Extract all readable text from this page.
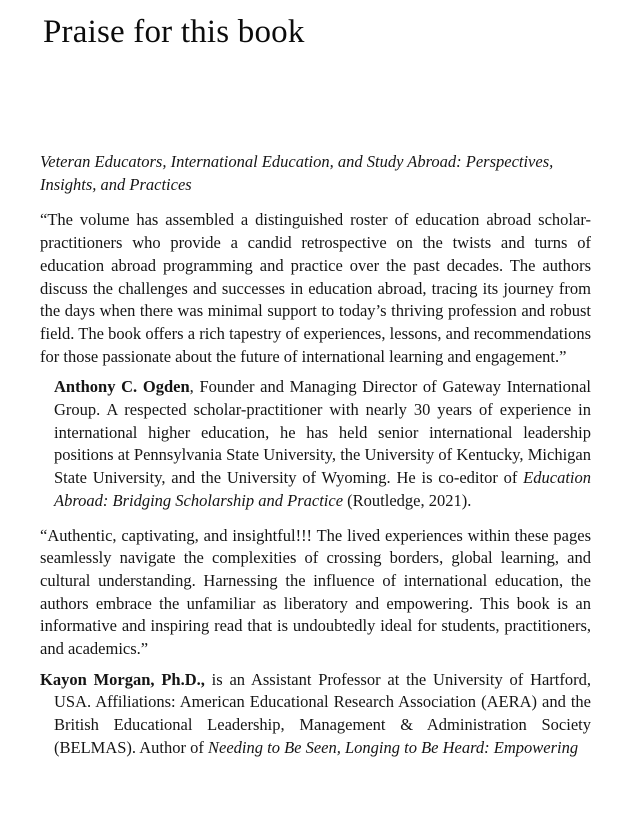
Praise for this book

Veteran Educators, International Education, and Study Abroad: Perspectives, Insights, and Practices

“The volume has assembled a distinguished roster of education abroad scholar-practitioners who provide a candid retrospective on the twists and turns of education abroad programming and practice over the past decades. The authors discuss the challenges and successes in education abroad, tracing its journey from the days when there was minimal support to today’s thriving profession and robust field. The book offers a rich tapestry of experiences, lessons, and recommendations for those passionate about the future of international learning and engagement.”

Anthony C. Ogden, Founder and Managing Director of Gateway International Group. A respected scholar-practitioner with nearly 30 years of experience in international higher education, he has held senior international leadership positions at Pennsylvania State University, the University of Kentucky, Michigan State University, and the University of Wyoming. He is co-editor of Education Abroad: Bridging Scholarship and Practice (Routledge, 2021).

“Authentic, captivating, and insightful!!! The lived experiences within these pages seamlessly navigate the complexities of crossing borders, global learning, and cultural understanding. Harnessing the influence of international education, the authors embrace the unfamiliar as liberatory and empowering. This book is an informative and inspiring read that is undoubtedly ideal for students, practitioners, and academics.”

Kayon Morgan, Ph.D., is an Assistant Professor at the University of Hartford, USA. Affiliations: American Educational Research Association (AERA) and the British Educational Leadership, Management & Administration Society (BELMAS). Author of Needing to Be Seen, Longing to Be Heard: Empowering
